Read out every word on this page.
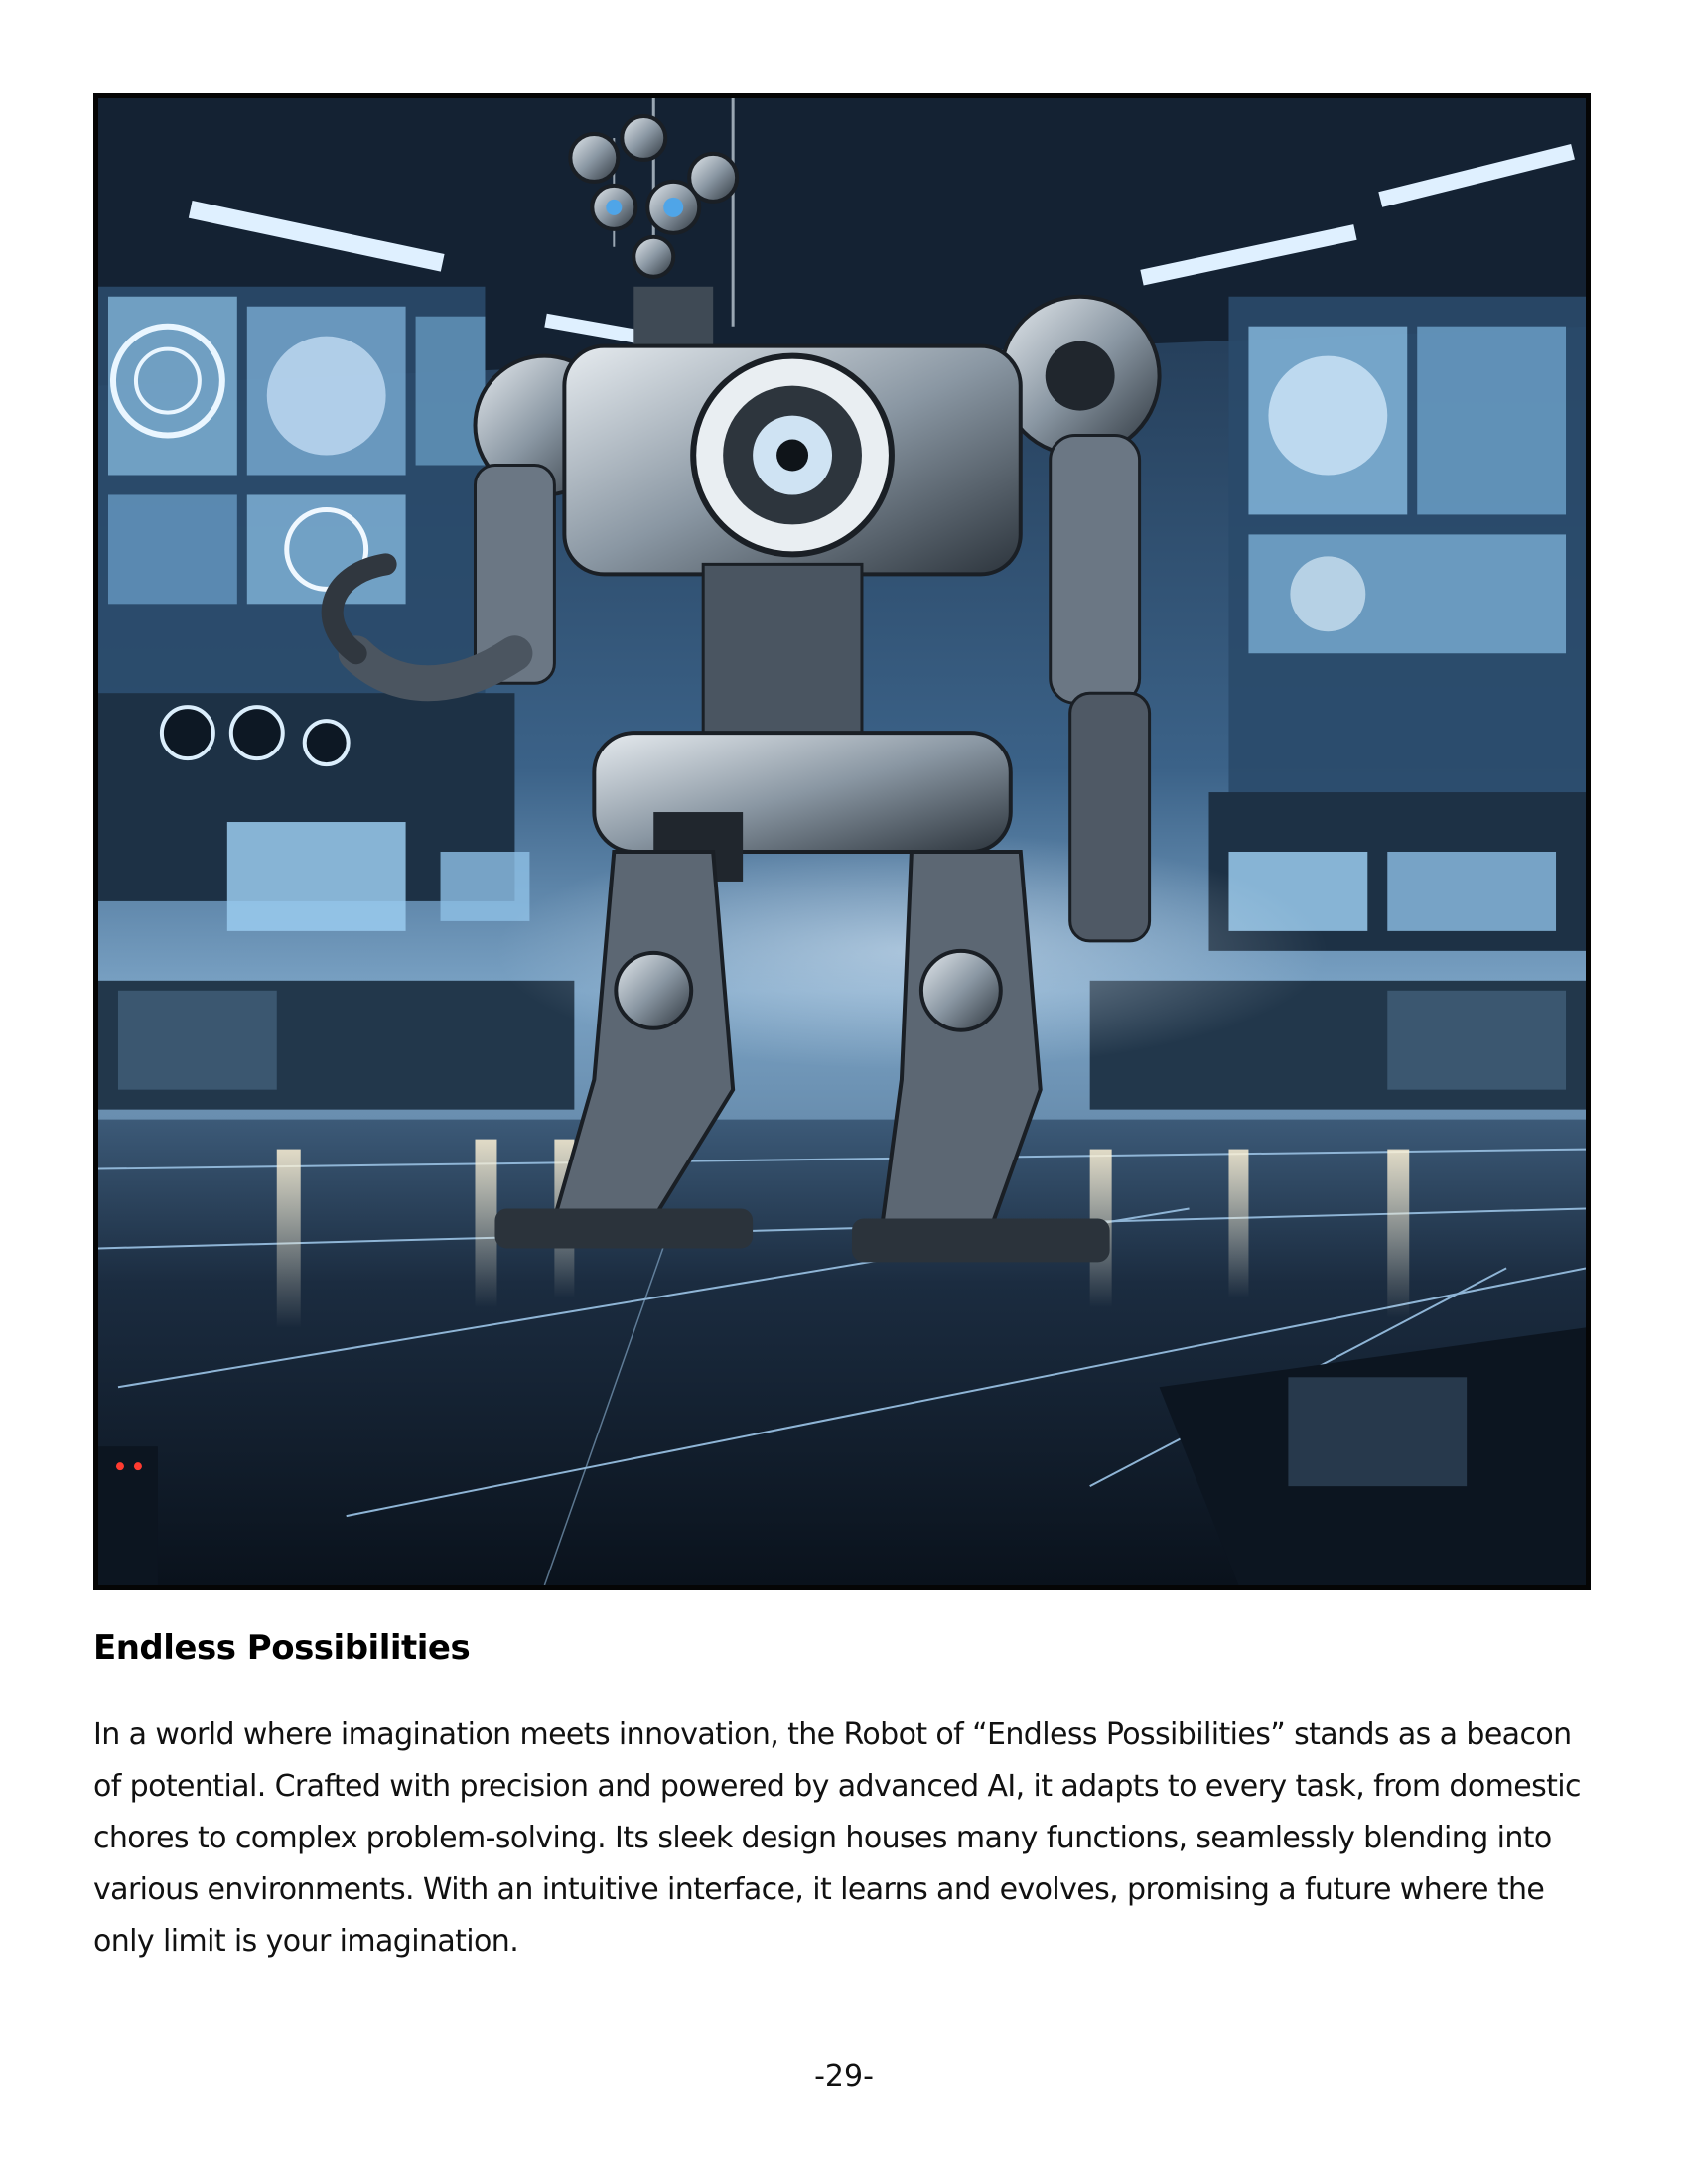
Endless Possibilities

In a world where imagination meets innovation, the Robot of “Endless Possibilities” stands as a beacon of potential. Crafted with precision and powered by advanced AI, it adapts to every task, from domestic chores to complex problem-solving. Its sleek design houses many functions, seamlessly blending into various environments. With an intuitive interface, it learns and evolves, promising a future where the only limit is your imagination.

-29-
